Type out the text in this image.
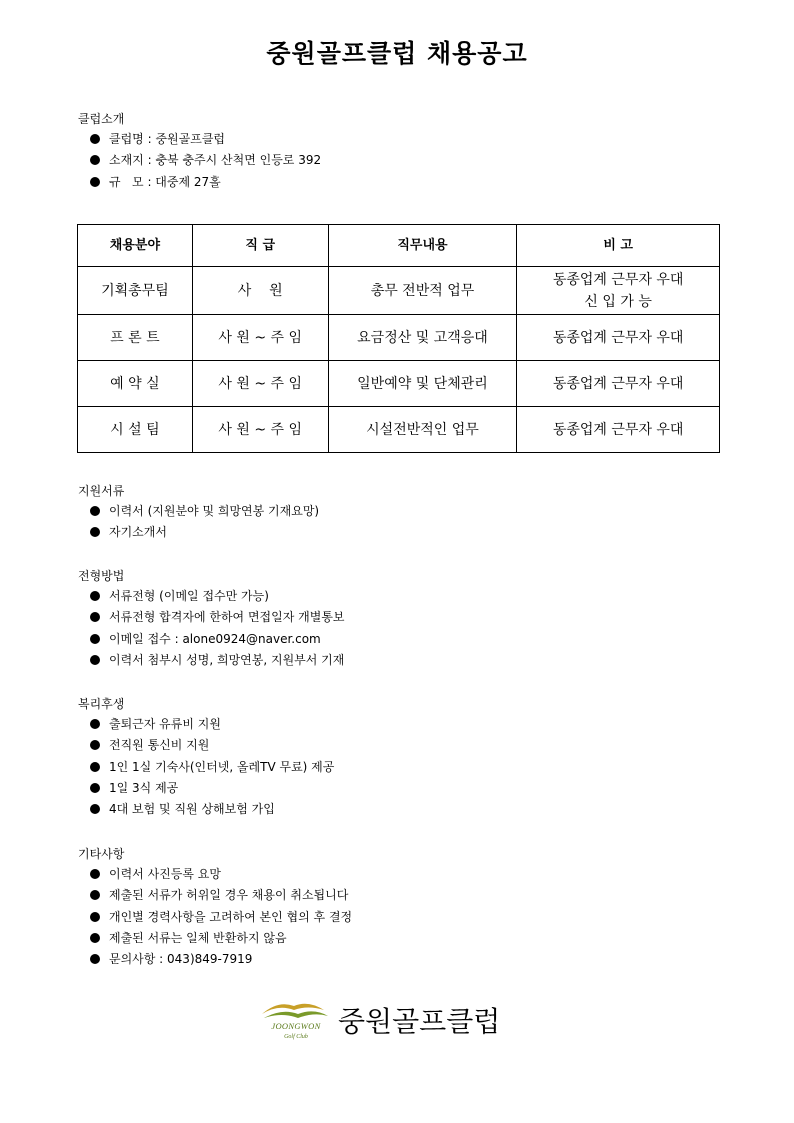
중원골프클럽 채용공고
클럽소개
클럽명 : 중원골프클럽
소재지 : 충북 충주시 산척면 인등로 392
규   모 : 대중제 27홀
채용분야	직 급	직무내용	비 고
기획총무팀	사    원	총무 전반적 업무	동종업계 근무자 우대
신 입 가 능

프 론 트	사 원 ~ 주 임	요금정산 및 고객응대	동종업계 근무자 우대
예 약 실	사 원 ~ 주 임	일반예약 및 단체관리	동종업계 근무자 우대
시 설 팀	사 원 ~ 주 임	시설전반적인 업무	동종업계 근무자 우대
지원서류
이력서 (지원분야 및 희망연봉 기재요망)
자기소개서
전형방법
서류전형 (이메일 접수만 가능)
서류전형 합격자에 한하여 면접일자 개별통보
이메일 접수 : alone0924@naver.com
이력서 첨부시 성명, 희망연봉, 지원부서 기재
복리후생
출퇴근자 유류비 지원
전직원 통신비 지원
1인 1실 기숙사(인터넷, 올레TV 무료) 제공
1일 3식 제공
4대 보험 및 직원 상해보험 가입
기타사항
이력서 사진등록 요망
제출된 서류가 허위일 경우 채용이 취소됩니다
개인별 경력사항을 고려하여 본인 협의 후 결정
제출된 서류는 일체 반환하지 않음
문의사항 : 043)849-7919
JOONGWON
Golf Club 중원골프클럽
